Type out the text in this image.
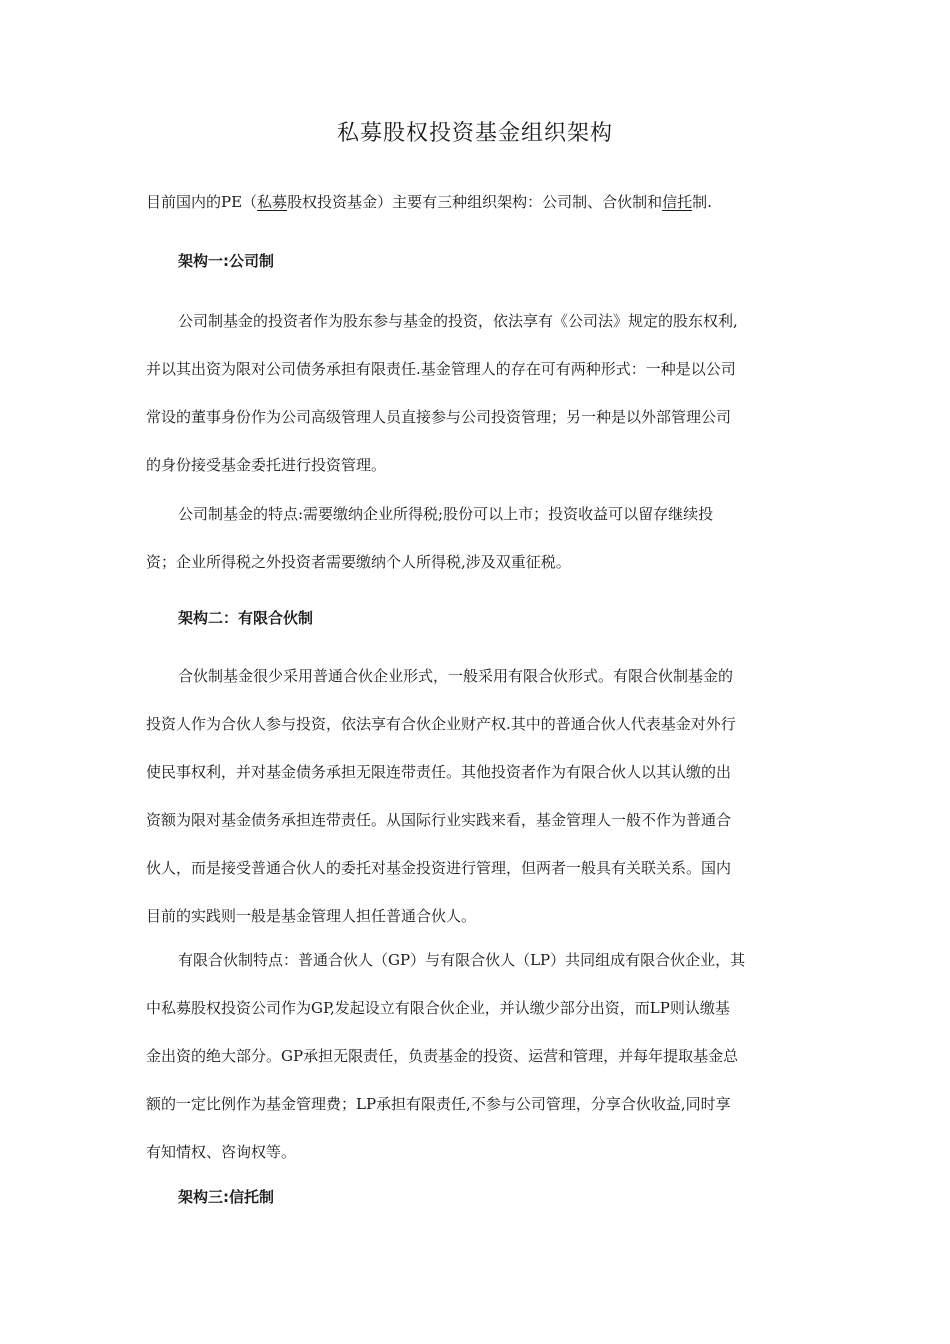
私募股权投资基金组织架构
目前国内的PE（私募股权投资基金）主要有三种组织架构：公司制、合伙制和信托制.
架构一:公司制
公司制基金的投资者作为股东参与基金的投资，依法享有《公司法》规定的股东权利,
并以其出资为限对公司债务承担有限责任.基金管理人的存在可有两种形式：一种是以公司
常设的董事身份作为公司高级管理人员直接参与公司投资管理；另一种是以外部管理公司
的身份接受基金委托进行投资管理。
公司制基金的特点:需要缴纳企业所得税;股份可以上市；投资收益可以留存继续投
资；企业所得税之外投资者需要缴纳个人所得税,涉及双重征税。
架构二：有限合伙制
合伙制基金很少采用普通合伙企业形式，一般采用有限合伙形式。有限合伙制基金的
投资人作为合伙人参与投资，依法享有合伙企业财产权.其中的普通合伙人代表基金对外行
使民事权利，并对基金债务承担无限连带责任。其他投资者作为有限合伙人以其认缴的出
资额为限对基金债务承担连带责任。从国际行业实践来看，基金管理人一般不作为普通合
伙人，而是接受普通合伙人的委托对基金投资进行管理，但两者一般具有关联关系。国内
目前的实践则一般是基金管理人担任普通合伙人。
有限合伙制特点：普通合伙人（GP）与有限合伙人（LP）共同组成有限合伙企业，其
中私募股权投资公司作为GP,发起设立有限合伙企业，并认缴少部分出资，而LP则认缴基
金出资的绝大部分。GP承担无限责任，负责基金的投资、运营和管理，并每年提取基金总
额的一定比例作为基金管理费；LP承担有限责任,不参与公司管理，分享合伙收益,同时享
有知情权、咨询权等。
架构三:信托制
